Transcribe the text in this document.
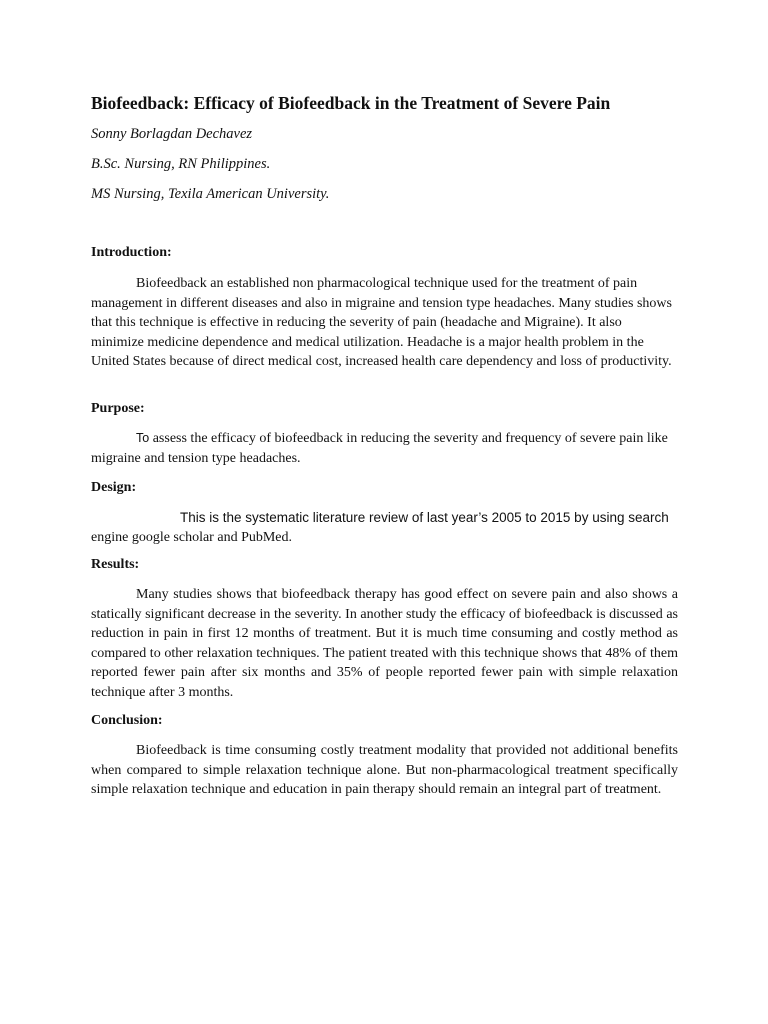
Biofeedback: Efficacy of Biofeedback in the Treatment of Severe Pain

Sonny Borlagdan Dechavez

B.Sc. Nursing, RN Philippines.

MS Nursing, Texila American University.

Introduction:

Biofeedback an established non pharmacological technique used for the treatment of pain management in different diseases and also in migraine and tension type headaches. Many studies shows that this technique is effective in reducing the severity of pain (headache and Migraine). It also minimize medicine dependence and medical utilization. Headache is a major health problem in the United States because of direct medical cost, increased health care dependency and loss of productivity.

Purpose:

To assess the efficacy of biofeedback in reducing the severity and frequency of severe pain like migraine and tension type headaches.

Design:

This is the systematic literature review of last year’s 2005 to 2015 by using search
engine google scholar and PubMed.

Results:

Many studies shows that biofeedback therapy has good effect on severe pain and also shows a statically significant decrease in the severity. In another study the efficacy of biofeedback is discussed as reduction in pain in first 12 months of treatment. But it is much time consuming and costly method as compared to other relaxation techniques. The patient treated with this technique shows that 48% of them reported fewer pain after six months and 35% of people reported fewer pain with simple relaxation technique after 3 months.

Conclusion:

Biofeedback is time consuming costly treatment modality that provided not additional benefits when compared to simple relaxation technique alone. But non-pharmacological treatment specifically simple relaxation technique and education in pain therapy should remain an integral part of treatment.
